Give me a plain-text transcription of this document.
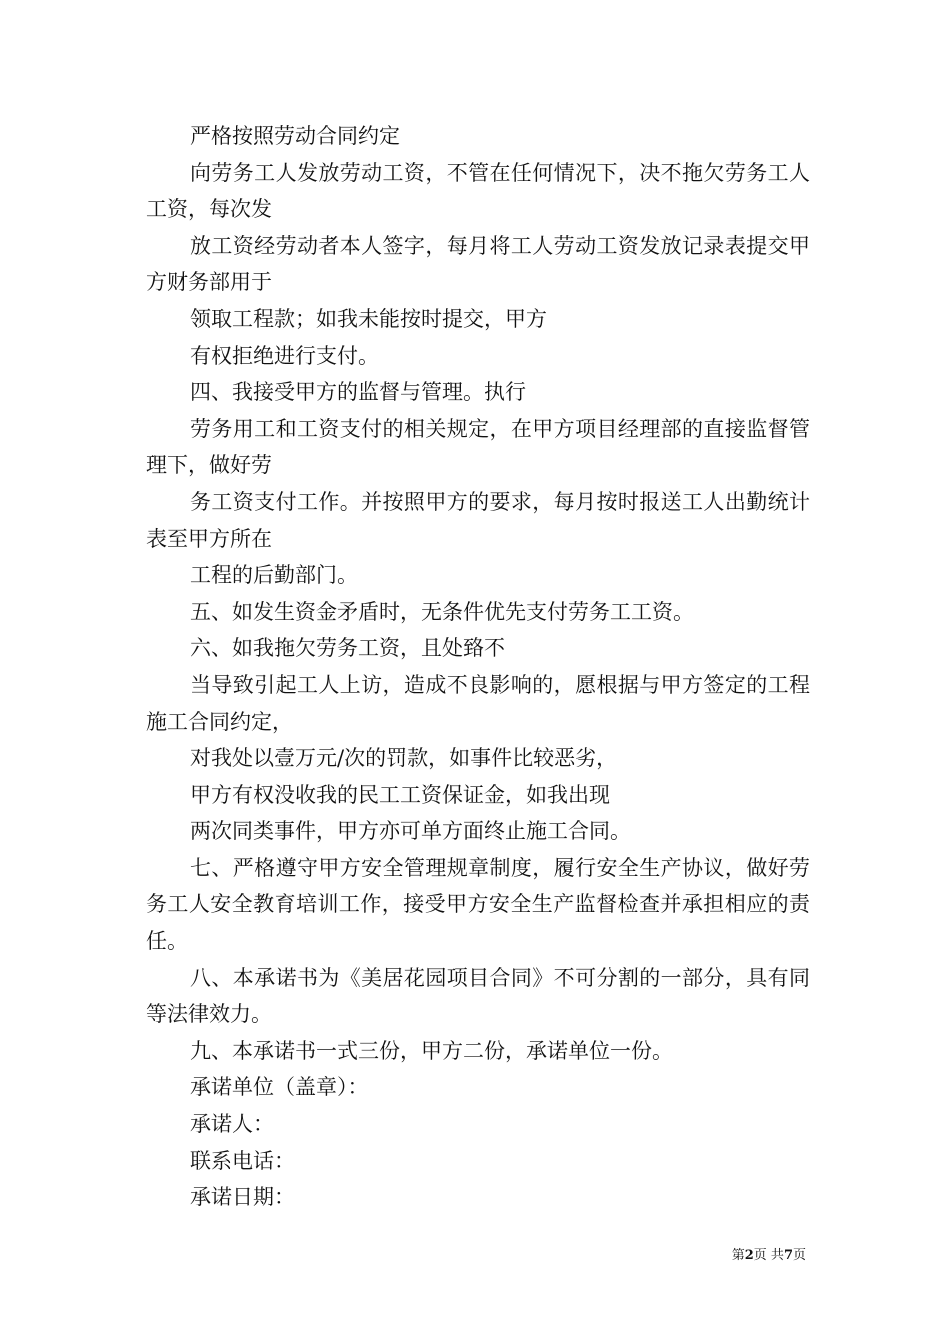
严格按照劳动合同约定

向劳务工人发放劳动工资，不管在任何情况下，决不拖欠劳务工人工资，每次发

放工资经劳动者本人签字，每月将工人劳动工资发放记录表提交甲方财务部用于

领取工程款；如我未能按时提交，甲方

有权拒绝进行支付。

四、我接受甲方的监督与管理。执行

劳务用工和工资支付的相关规定，在甲方项目经理部的直接监督管理下，做好劳

务工资支付工作。并按照甲方的要求，每月按时报送工人出勤统计表至甲方所在

工程的后勤部门。

五、如发生资金矛盾时，无条件优先支付劳务工工资。

六、如我拖欠劳务工资，且处臵不

当导致引起工人上访，造成不良影响的，愿根据与甲方签定的工程施工合同约定，

对我处以壹万元/次的罚款，如事件比较恶劣，

甲方有权没收我的民工工资保证金，如我出现

两次同类事件，甲方亦可单方面终止施工合同。

七、严格遵守甲方安全管理规章制度，履行安全生产协议，做好劳务工人安全教育培训工作，接受甲方安全生产监督检查并承担相应的责任。

八、本承诺书为《美居花园项目合同》不可分割的一部分，具有同等法律效力。

九、本承诺书一式三份，甲方二份，承诺单位一份。

承诺单位（盖章）：

承诺人：

联系电话：

承诺日期：

第2页 共7页
